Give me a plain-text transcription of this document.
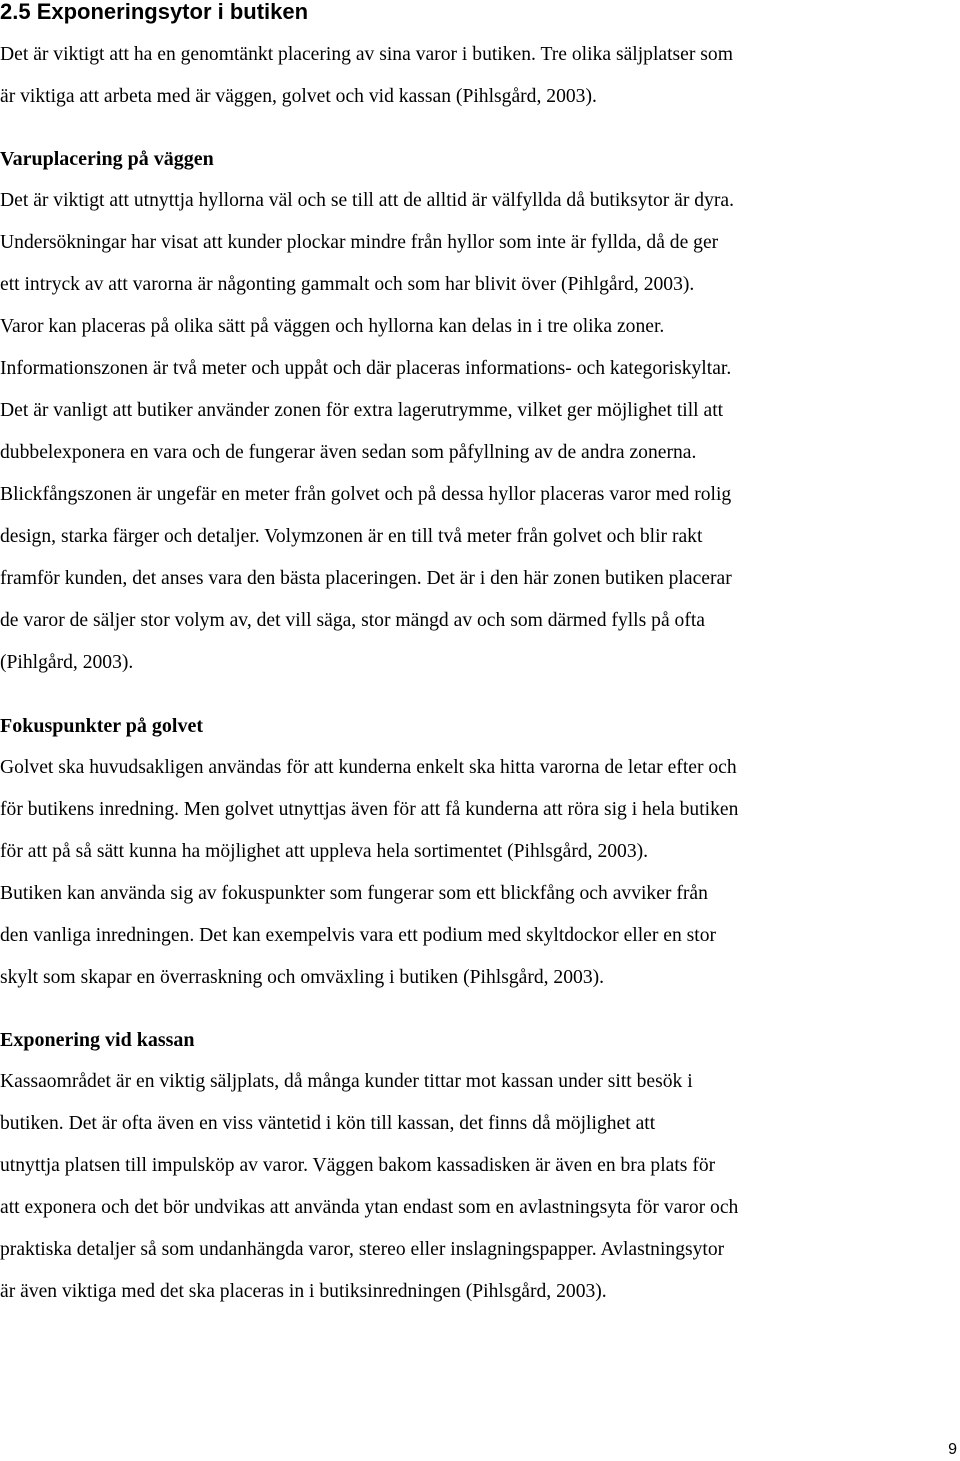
2.5 Exponeringsytor i butiken
Det är viktigt att ha en genomtänkt placering av sina varor i butiken. Tre olika säljplatser som
är viktiga att arbeta med är väggen, golvet och vid kassan (Pihlsgård, 2003).
Varuplacering på väggen
Det är viktigt att utnyttja hyllorna väl och se till att de alltid är välfyllda då butiksytor är dyra.
Undersökningar har visat att kunder plockar mindre från hyllor som inte är fyllda, då de ger
ett intryck av att varorna är någonting gammalt och som har blivit över (Pihlgård, 2003).
Varor kan placeras på olika sätt på väggen och hyllorna kan delas in i tre olika zoner.
Informationszonen är två meter och uppåt och där placeras informations- och kategoriskyltar.
Det är vanligt att butiker använder zonen för extra lagerutrymme, vilket ger möjlighet till att
dubbelexponera en vara och de fungerar även sedan som påfyllning av de andra zonerna.
Blickfångszonen är ungefär en meter från golvet och på dessa hyllor placeras varor med rolig
design, starka färger och detaljer. Volymzonen är en till två meter från golvet och blir rakt
framför kunden, det anses vara den bästa placeringen. Det är i den här zonen butiken placerar
de varor de säljer stor volym av, det vill säga, stor mängd av och som därmed fylls på ofta
(Pihlgård, 2003).
Fokuspunkter på golvet
Golvet ska huvudsakligen användas för att kunderna enkelt ska hitta varorna de letar efter och
för butikens inredning. Men golvet utnyttjas även för att få kunderna att röra sig i hela butiken
för att på så sätt kunna ha möjlighet att uppleva hela sortimentet (Pihlsgård, 2003).
Butiken kan använda sig av fokuspunkter som fungerar som ett blickfång och avviker från
den vanliga inredningen. Det kan exempelvis vara ett podium med skyltdockor eller en stor
skylt som skapar en överraskning och omväxling i butiken (Pihlsgård, 2003).
Exponering vid kassan
Kassaområdet är en viktig säljplats, då många kunder tittar mot kassan under sitt besök i
butiken. Det är ofta även en viss väntetid i kön till kassan, det finns då möjlighet att
utnyttja platsen till impulsköp av varor. Väggen bakom kassadisken är även en bra plats för
att exponera och det bör undvikas att använda ytan endast som en avlastningsyta för varor och
praktiska detaljer så som undanhängda varor, stereo eller inslagningspapper. Avlastningsytor
är även viktiga med det ska placeras in i butiksinredningen (Pihlsgård, 2003).
9
